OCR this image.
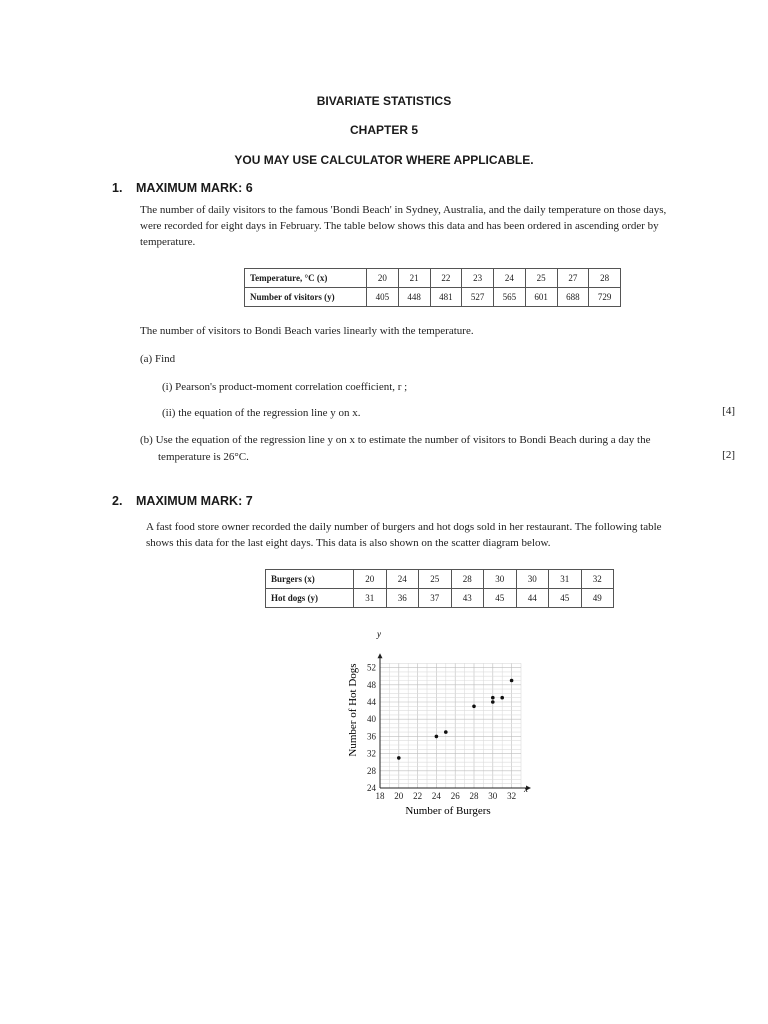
BIVARIATE STATISTICS
CHAPTER 5
YOU MAY USE CALCULATOR WHERE APPLICABLE.
1. MAXIMUM MARK: 6
The number of daily visitors to the famous 'Bondi Beach' in Sydney, Australia, and the daily temperature on those days,
were recorded for eight days in February. The table below shows this data and has been ordered in ascending order by
temperature.
Temperature, °C (x)	20	21	22	23	24	25	27	28
Number of visitors (y)	405	448	481	527	565	601	688	729
The number of visitors to Bondi Beach varies linearly with the temperature.
(a) Find
(i) Pearson's product-moment correlation coefficient, r ;
(ii) the equation of the regression line y on x.	[4]
(b) Use the equation of the regression line y on x to estimate the number of visitors to Bondi Beach during a day the
temperature is 26°C.	[2]
2. MAXIMUM MARK: 7
A fast food store owner recorded the daily number of burgers and hot dogs sold in her restaurant. The following table
shows this data for the last eight days. This data is also shown on the scatter diagram below.
Burgers (x)	20	24	25	28	30	30	31	32
Hot dogs (y)	31	36	37	43	45	44	45	49
18 20 22 24 26 28 30 32
24
28
32
36
40
44
48
52
Number of Hot Dogs
Number of Burgers
x
y
